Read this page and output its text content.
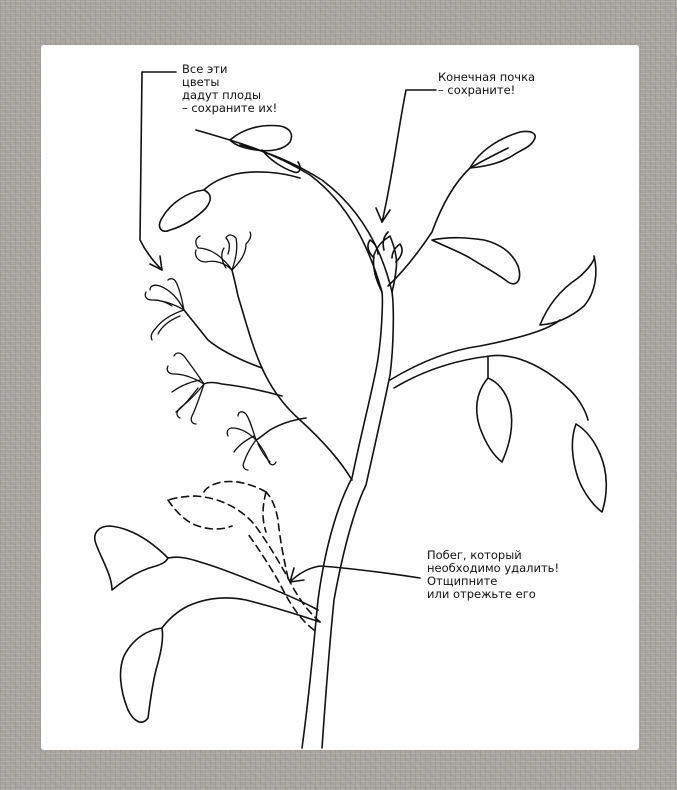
Все эти
цветы
дадут плоды
– сохраните их!
Конечная почка
– сохраните!
Побег, который
необходимо удалить!
Отщипните
или отрежьте его
